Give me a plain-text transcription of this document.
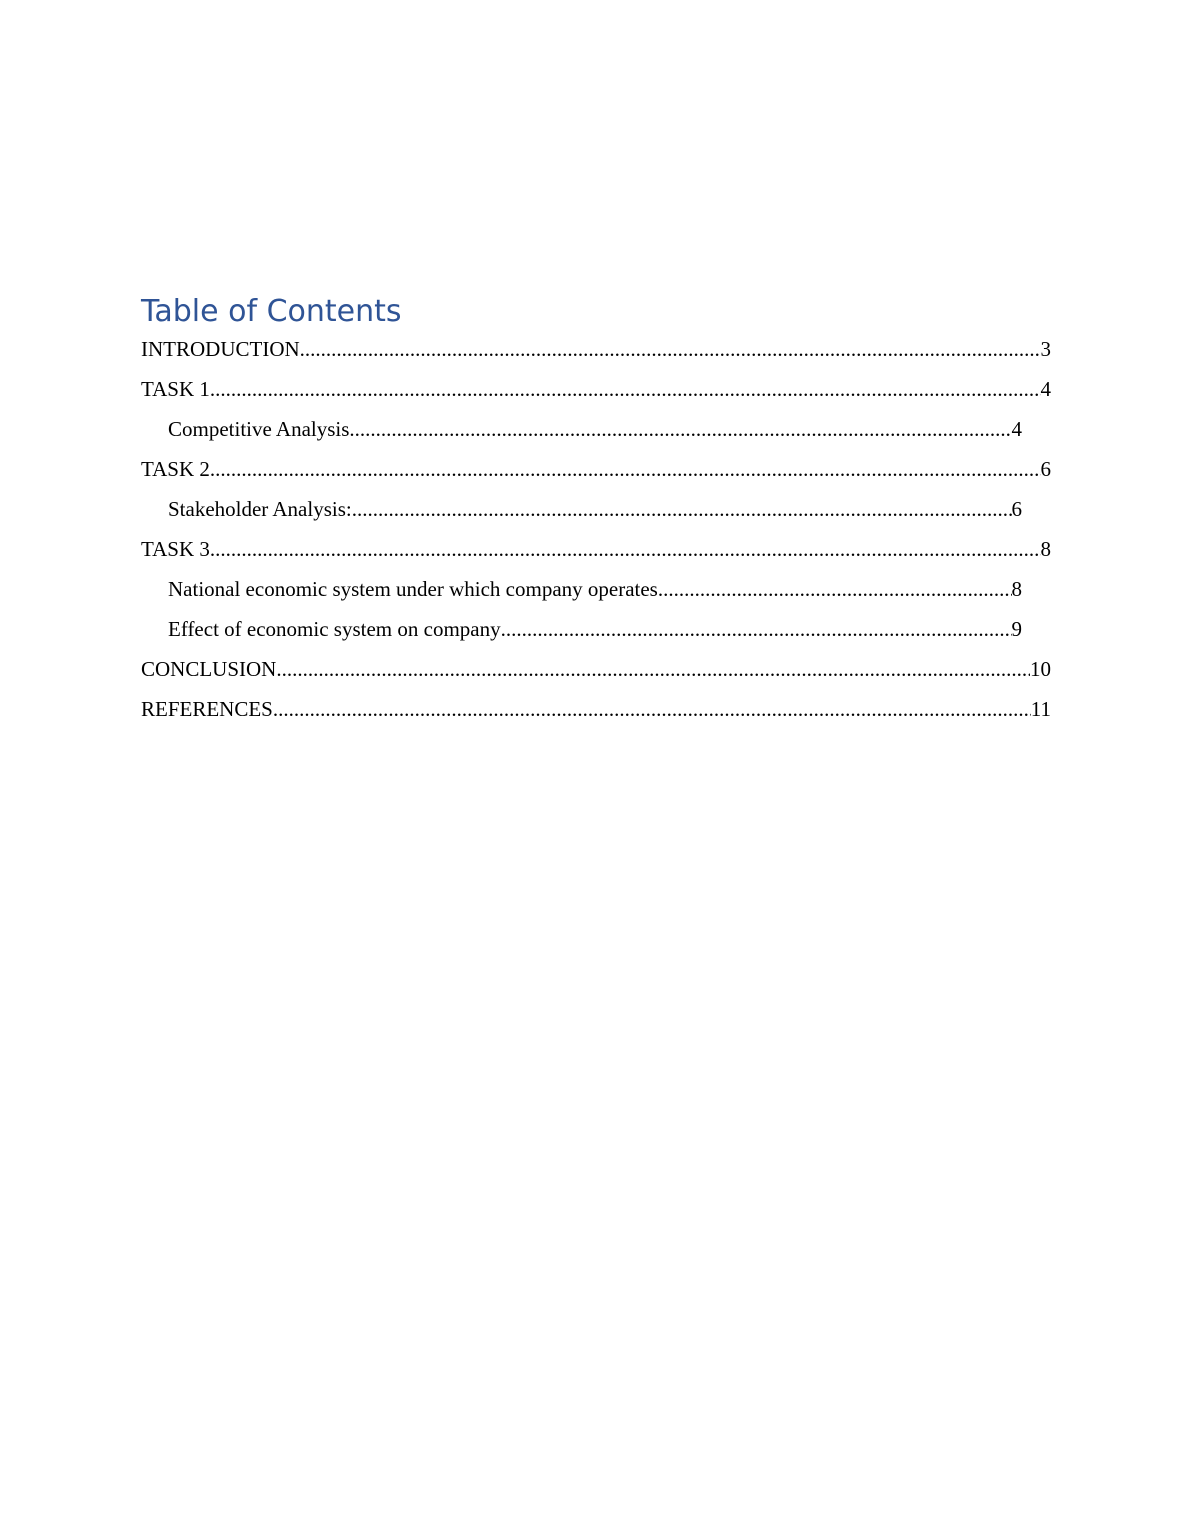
Table of Contents
INTRODUCTION .....	3
TASK 1 .....	4
Competitive Analysis .....	4
TASK 2 .....	6
Stakeholder Analysis: .....	6
TASK 3 .....	8
National economic system under which company operates .....	8
Effect of economic system on company .....	9
CONCLUSION .....	10
REFERENCES .....	11
